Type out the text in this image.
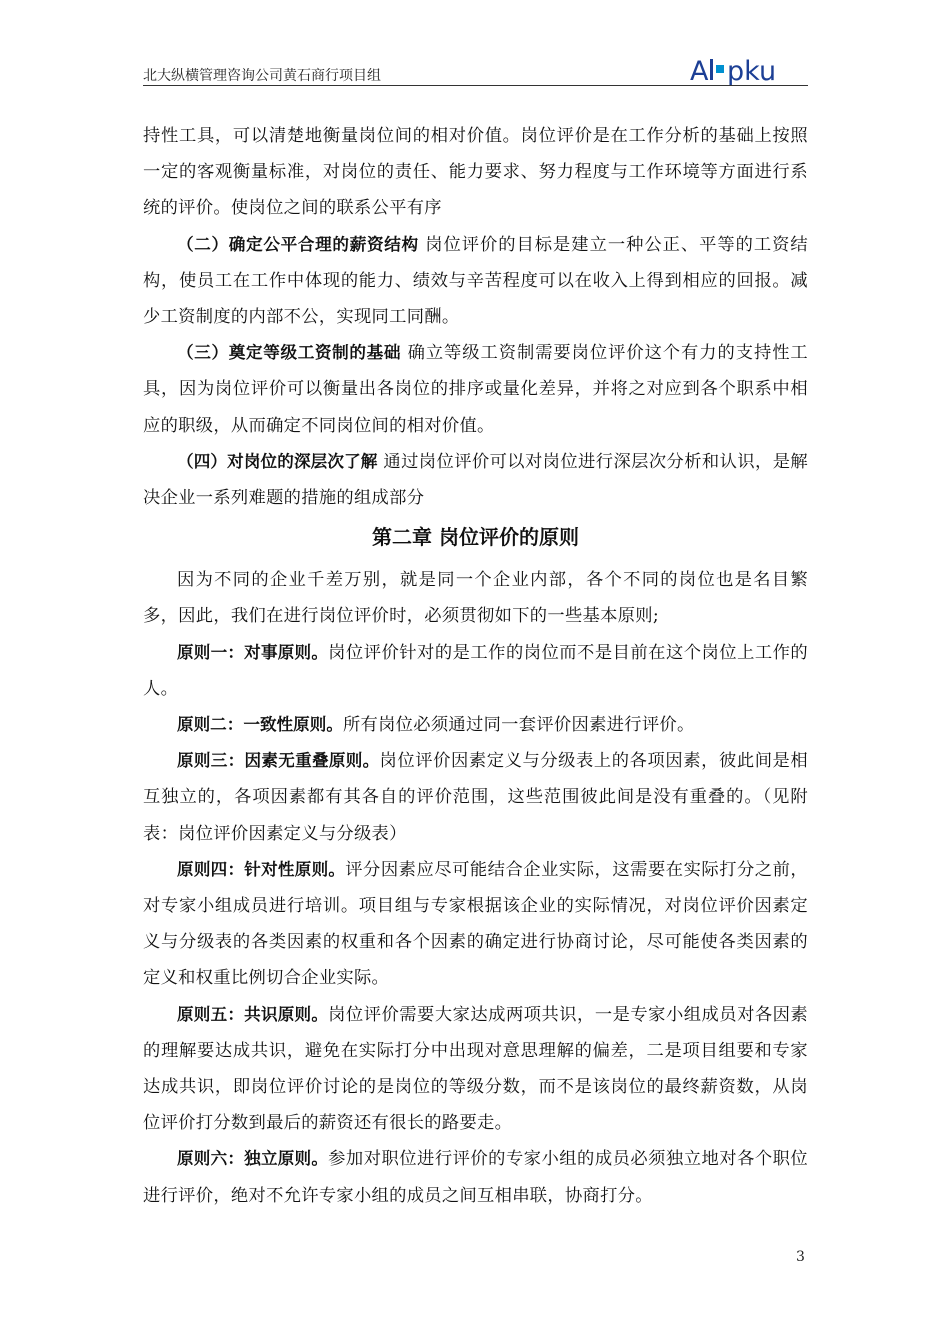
北大纵横管理咨询公司黄石商行项目组	A pku

持性工具，可以清楚地衡量岗位间的相对价值。岗位评价是在工作分析的基础上按照一定的客观衡量标准，对岗位的责任、能力要求、努力程度与工作环境等方面进行系统的评价。使岗位之间的联系公平有序

（二）确定公平合理的薪资结构 岗位评价的目标是建立一种公正、平等的工资结构，使员工在工作中体现的能力、绩效与辛苦程度可以在收入上得到相应的回报。减少工资制度的内部不公，实现同工同酬。

（三）奠定等级工资制的基础 确立等级工资制需要岗位评价这个有力的支持性工具，因为岗位评价可以衡量出各岗位的排序或量化差异，并将之对应到各个职系中相应的职级，从而确定不同岗位间的相对价值。

（四）对岗位的深层次了解 通过岗位评价可以对岗位进行深层次分析和认识，是解决企业一系列难题的措施的组成部分

第二章 岗位评价的原则

因为不同的企业千差万别，就是同一个企业内部，各个不同的岗位也是名目繁多，因此，我们在进行岗位评价时，必须贯彻如下的一些基本原则;

原则一：对事原则。岗位评价针对的是工作的岗位而不是目前在这个岗位上工作的人。

原则二：一致性原则。所有岗位必须通过同一套评价因素进行评价。

原则三：因素无重叠原则。岗位评价因素定义与分级表上的各项因素，彼此间是相互独立的，各项因素都有其各自的评价范围，这些范围彼此间是没有重叠的。（见附表：岗位评价因素定义与分级表）

原则四：针对性原则。评分因素应尽可能结合企业实际，这需要在实际打分之前，对专家小组成员进行培训。项目组与专家根据该企业的实际情况，对岗位评价因素定义与分级表的各类因素的权重和各个因素的确定进行协商讨论，尽可能使各类因素的定义和权重比例切合企业实际。

原则五：共识原则。岗位评价需要大家达成两项共识，一是专家小组成员对各因素的理解要达成共识，避免在实际打分中出现对意思理解的偏差，二是项目组要和专家达成共识，即岗位评价讨论的是岗位的等级分数，而不是该岗位的最终薪资数，从岗位评价打分数到最后的薪资还有很长的路要走。

原则六：独立原则。参加对职位进行评价的专家小组的成员必须独立地对各个职位进行评价，绝对不允许专家小组的成员之间互相串联，协商打分。

3
